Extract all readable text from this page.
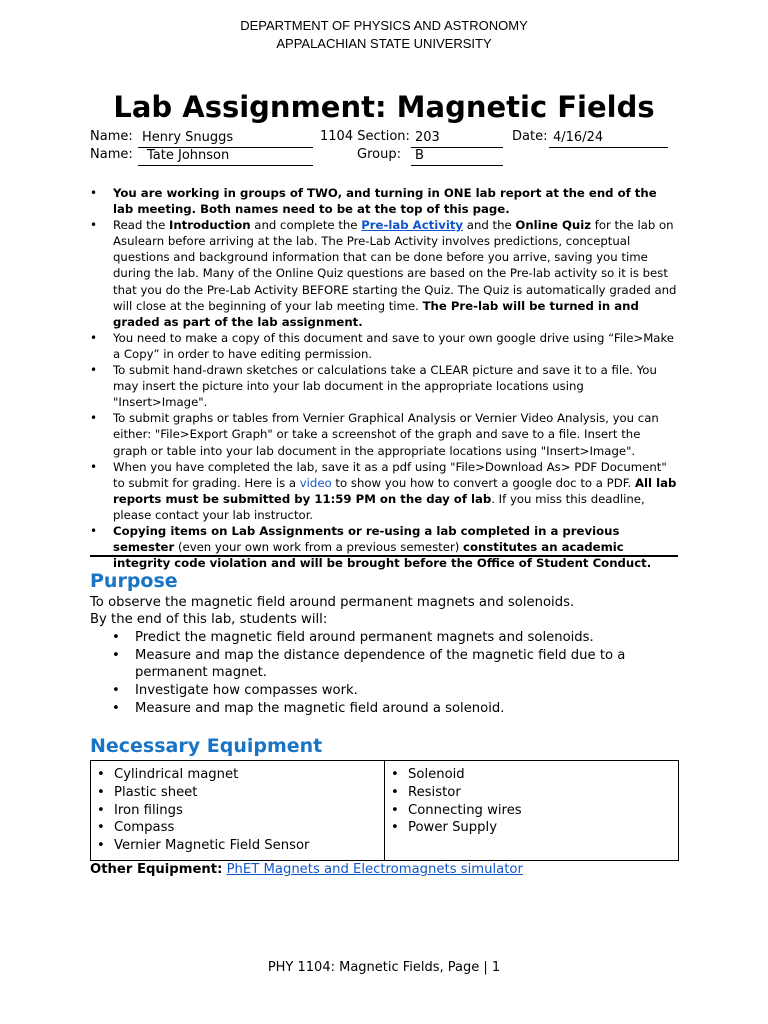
DEPARTMENT OF PHYSICS AND ASTRONOMY
APPALACHIAN STATE UNIVERSITY
Lab Assignment: Magnetic Fields
Name: Henry Snuggs	1104 Section: 203	Date: 4/16/24
Name:	Tate Johnson	Group:	B
• You are working in groups of TWO, and turning in ONE lab report at the end of the lab meeting. Both names need to be at the top of this page.
• Read the Introduction and complete the Pre-lab Activity and the Online Quiz for the lab on Asulearn before arriving at the lab. The Pre-Lab Activity involves predictions, conceptual questions and background information that can be done before you arrive, saving you time during the lab. Many of the Online Quiz questions are based on the Pre-lab activity so it is best that you do the Pre-Lab Activity BEFORE starting the Quiz. The Quiz is automatically graded and will close at the beginning of your lab meeting time. The Pre-lab will be turned in and graded as part of the lab assignment.
• You need to make a copy of this document and save to your own google drive using “File>Make a Copy” in order to have editing permission.
• To submit hand-drawn sketches or calculations take a CLEAR picture and save it to a file. You may insert the picture into your lab document in the appropriate locations using "Insert>Image".
• To submit graphs or tables from Vernier Graphical Analysis or Vernier Video Analysis, you can either: "File>Export Graph" or take a screenshot of the graph and save to a file. Insert the graph or table into your lab document in the appropriate locations using "Insert>Image".
• When you have completed the lab, save it as a pdf using "File>Download As> PDF Document" to submit for grading. Here is a video to show you how to convert a google doc to a PDF. All lab reports must be submitted by 11:59 PM on the day of lab. If you miss this deadline, please contact your lab instructor.
• Copying items on Lab Assignments or re-using a lab completed in a previous semester (even your own work from a previous semester) constitutes an academic integrity code violation and will be brought before the Office of Student Conduct.
Purpose
To observe the magnetic field around permanent magnets and solenoids.
By the end of this lab, students will:
• Predict the magnetic field around permanent magnets and solenoids.
• Measure and map the distance dependence of the magnetic field due to a permanent magnet.
• Investigate how compasses work.
• Measure and map the magnetic field around a solenoid.
Necessary Equipment
• Cylindrical magnet
• Plastic sheet
• Iron filings
• Compass
• Vernier Magnetic Field Sensor
• Solenoid
• Resistor
• Connecting wires
• Power Supply
Other Equipment: PhET Magnets and Electromagnets simulator
PHY 1104: Magnetic Fields, Page | 1
